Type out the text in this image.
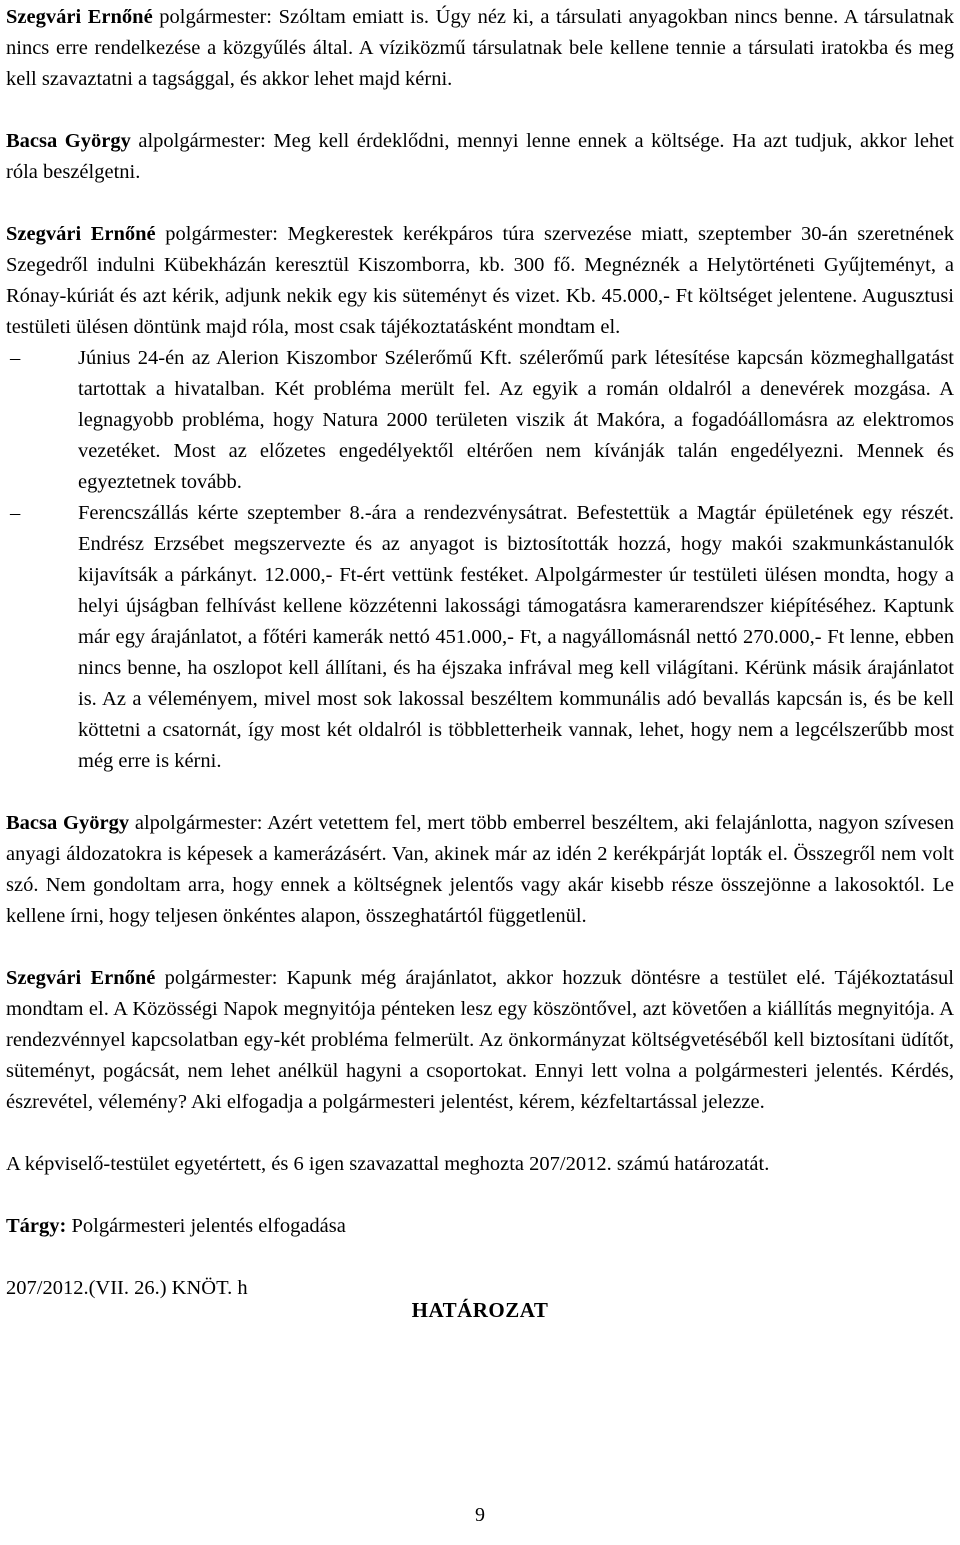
Szegvári Ernőné polgármester: Szóltam emiatt is. Úgy néz ki, a társulati anyagokban nincs benne. A társulatnak nincs erre rendelkezése a közgyűlés által. A víziközmű társulatnak bele kellene tennie a társulati iratokba és meg kell szavaztatni a tagsággal, és akkor lehet majd kérni.

Bacsa György alpolgármester: Meg kell érdeklődni, mennyi lenne ennek a költsége. Ha azt tudjuk, akkor lehet róla beszélgetni.

Szegvári Ernőné polgármester: Megkerestek kerékpáros túra szervezése miatt, szeptember 30-án szeretnének Szegedről indulni Kübekházán keresztül Kiszomborra, kb. 300 fő. Megnéznék a Helytörténeti Gyűjteményt, a Rónay-kúriát és azt kérik, adjunk nekik egy kis süteményt és vizet. Kb. 45.000,- Ft költséget jelentene. Augusztusi testületi ülésen döntünk majd róla, most csak tájékoztatásként mondtam el.

–	Június 24-én az Alerion Kiszombor Szélerőmű Kft. szélerőmű park létesítése kapcsán közmeghallgatást tartottak a hivatalban. Két probléma merült fel. Az egyik a román oldalról a denevérek mozgása. A legnagyobb probléma, hogy Natura 2000 területen viszik át Makóra, a fogadóállomásra az elektromos vezetéket. Most az előzetes engedélyektől eltérően nem kívánják talán engedélyezni. Mennek és egyeztetnek tovább.
–	Ferencszállás kérte szeptember 8.-ára a rendezvénysátrat. Befestettük a Magtár épületének egy részét. Endrész Erzsébet megszervezte és az anyagot is biztosították hozzá, hogy makói szakmunkástanulók kijavítsák a párkányt. 12.000,- Ft-ért vettünk festéket. Alpolgármester úr testületi ülésen mondta, hogy a helyi újságban felhívást kellene közzétenni lakossági támogatásra kamerarendszer kiépítéséhez. Kaptunk már egy árajánlatot, a főtéri kamerák nettó 451.000,- Ft, a nagyállomásnál nettó 270.000,- Ft lenne, ebben nincs benne, ha oszlopot kell állítani, és ha éjszaka infrával meg kell világítani. Kérünk másik árajánlatot is. Az a véleményem, mivel most sok lakossal beszéltem kommunális adó bevallás kapcsán is, és be kell köttetni a csatornát, így most két oldalról is többletterheik vannak, lehet, hogy nem a legcélszerűbb most még erre is kérni.

Bacsa György alpolgármester: Azért vetettem fel, mert több emberrel beszéltem, aki felajánlotta, nagyon szívesen anyagi áldozatokra is képesek a kamerázásért. Van, akinek már az idén 2 kerékpárját lopták el. Összegről nem volt szó. Nem gondoltam arra, hogy ennek a költségnek jelentős vagy akár kisebb része összejönne a lakosoktól. Le kellene írni, hogy teljesen önkéntes alapon, összeghatártól függetlenül.

Szegvári Ernőné polgármester: Kapunk még árajánlatot, akkor hozzuk döntésre a testület elé. Tájékoztatásul mondtam el. A Közösségi Napok megnyitója pénteken lesz egy köszöntővel, azt követően a kiállítás megnyitója. A rendezvénnyel kapcsolatban egy-két probléma felmerült. Az önkormányzat költségvetéséből kell biztosítani üdítőt, süteményt, pogácsát, nem lehet anélkül hagyni a csoportokat. Ennyi lett volna a polgármesteri jelentés. Kérdés, észrevétel, vélemény? Aki elfogadja a polgármesteri jelentést, kérem, kézfeltartással jelezze.

A képviselő-testület egyetértett, és 6 igen szavazattal meghozta 207/2012. számú határozatát.

Tárgy: Polgármesteri jelentés elfogadása

207/2012.(VII. 26.) KNÖT. h
HATÁROZAT
9
